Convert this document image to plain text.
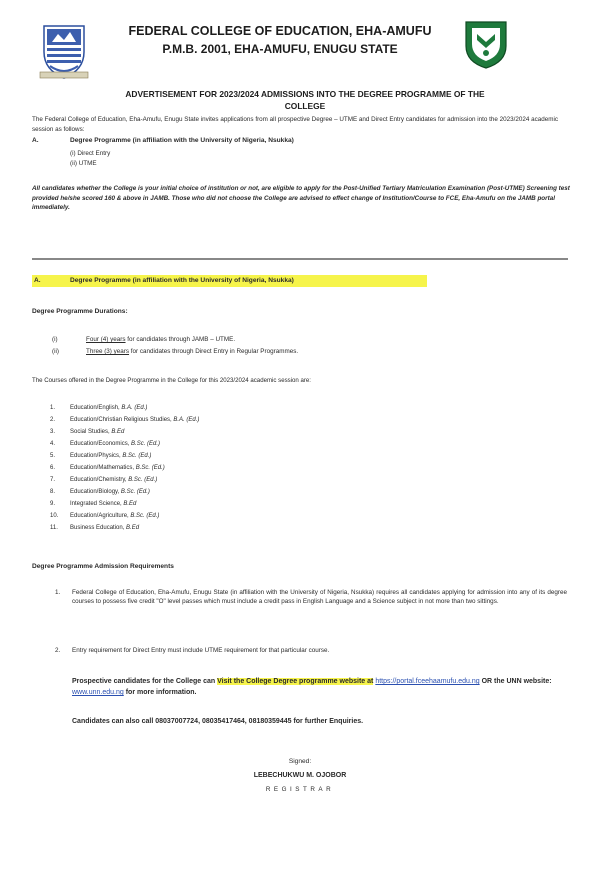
FEDERAL COLLEGE OF EDUCATION, EHA-AMUFU
P.M.B. 2001, EHA-AMUFU, ENUGU STATE
ADVERTISEMENT FOR 2023/2024 ADMISSIONS INTO THE DEGREE PROGRAMME OF THE
COLLEGE
The Federal College of Education, Eha-Amufu, Enugu State invites applications from all prospective Degree – UTME and Direct Entry candidates for admission into the 2023/2024 academic session as follows:
A.	Degree Programme (in affiliation with the University of Nigeria, Nsukka)
(i) Direct Entry
(ii) UTME
All candidates whether the College is your initial choice of institution or not, are eligible to apply for the Post-Unified Tertiary Matriculation Examination (Post-UTME) Screening test provided he/she scored 160 & above in JAMB. Those who did not choose the College are advised to effect change of Institution/Course to FCE, Eha-Amufu on the JAMB portal immediately.
A.	Degree Programme (in affiliation with the University of Nigeria, Nsukka)
Degree Programme Durations:
(i)	Four (4) years for candidates through JAMB – UTME.
(ii)	Three (3) years for candidates through Direct Entry in Regular Programmes.
The Courses offered in the Degree Programme in the College for this 2023/2024 academic session are:
1. Education/English, B.A. (Ed.)
2. Education/Christian Religious Studies, B.A. (Ed.)
3. Social Studies, B.Ed
4. Education/Economics, B.Sc. (Ed.)
5. Education/Physics, B.Sc. (Ed.)
6. Education/Mathematics, B.Sc. (Ed.)
7. Education/Chemistry, B.Sc. (Ed.)
8. Education/Biology, B.Sc. (Ed.)
9. Integrated Science, B.Ed
10. Education/Agriculture, B.Sc. (Ed.)
11. Business Education, B.Ed
Degree Programme Admission Requirements
1. Federal College of Education, Eha-Amufu, Enugu State (in affiliation with the University of Nigeria, Nsukka) requires all candidates applying for admission into any of its degree courses to possess five credit "O" level passes which must include a credit pass in English Language and a Science subject in not more than two sittings.
2. Entry requirement for Direct Entry must include UTME requirement for that particular course.
Prospective candidates for the College can Visit the College Degree programme website at https://portal.fceehaamufu.edu.ng OR the UNN website: www.unn.edu.ng for more information.
Candidates can also call 08037007724, 08035417464, 08180359445 for further Enquiries.
Signed:
LEBECHUKWU M. OJOBOR
REGISTRAR
